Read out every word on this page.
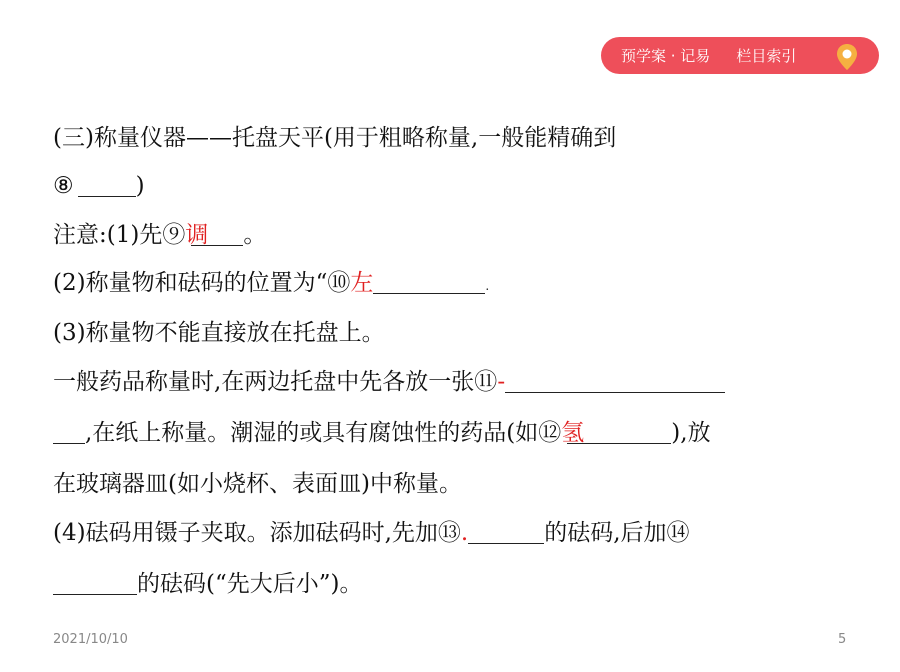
预学案 · 记易	栏目索引
(三)称量仪器——托盘天平(用于粗略称量,一般能精确到
⑧	)
注意:(1)先⑨调 。
(2)称量物和砝码的位置为“⑩左	.
(3)称量物不能直接放在托盘上。
一般药品称量时,在两边托盘中先各放一张⑪-
,在纸上称量。潮湿的或具有腐蚀性的药品(如⑫氢	),放
在玻璃器皿(如小烧杯、表面皿)中称量。
(4)砝码用镊子夹取。添加砝码时,先加⑬.	的砝码,后加⑭
的砝码(“先大后小”)。
2021/10/10	5
